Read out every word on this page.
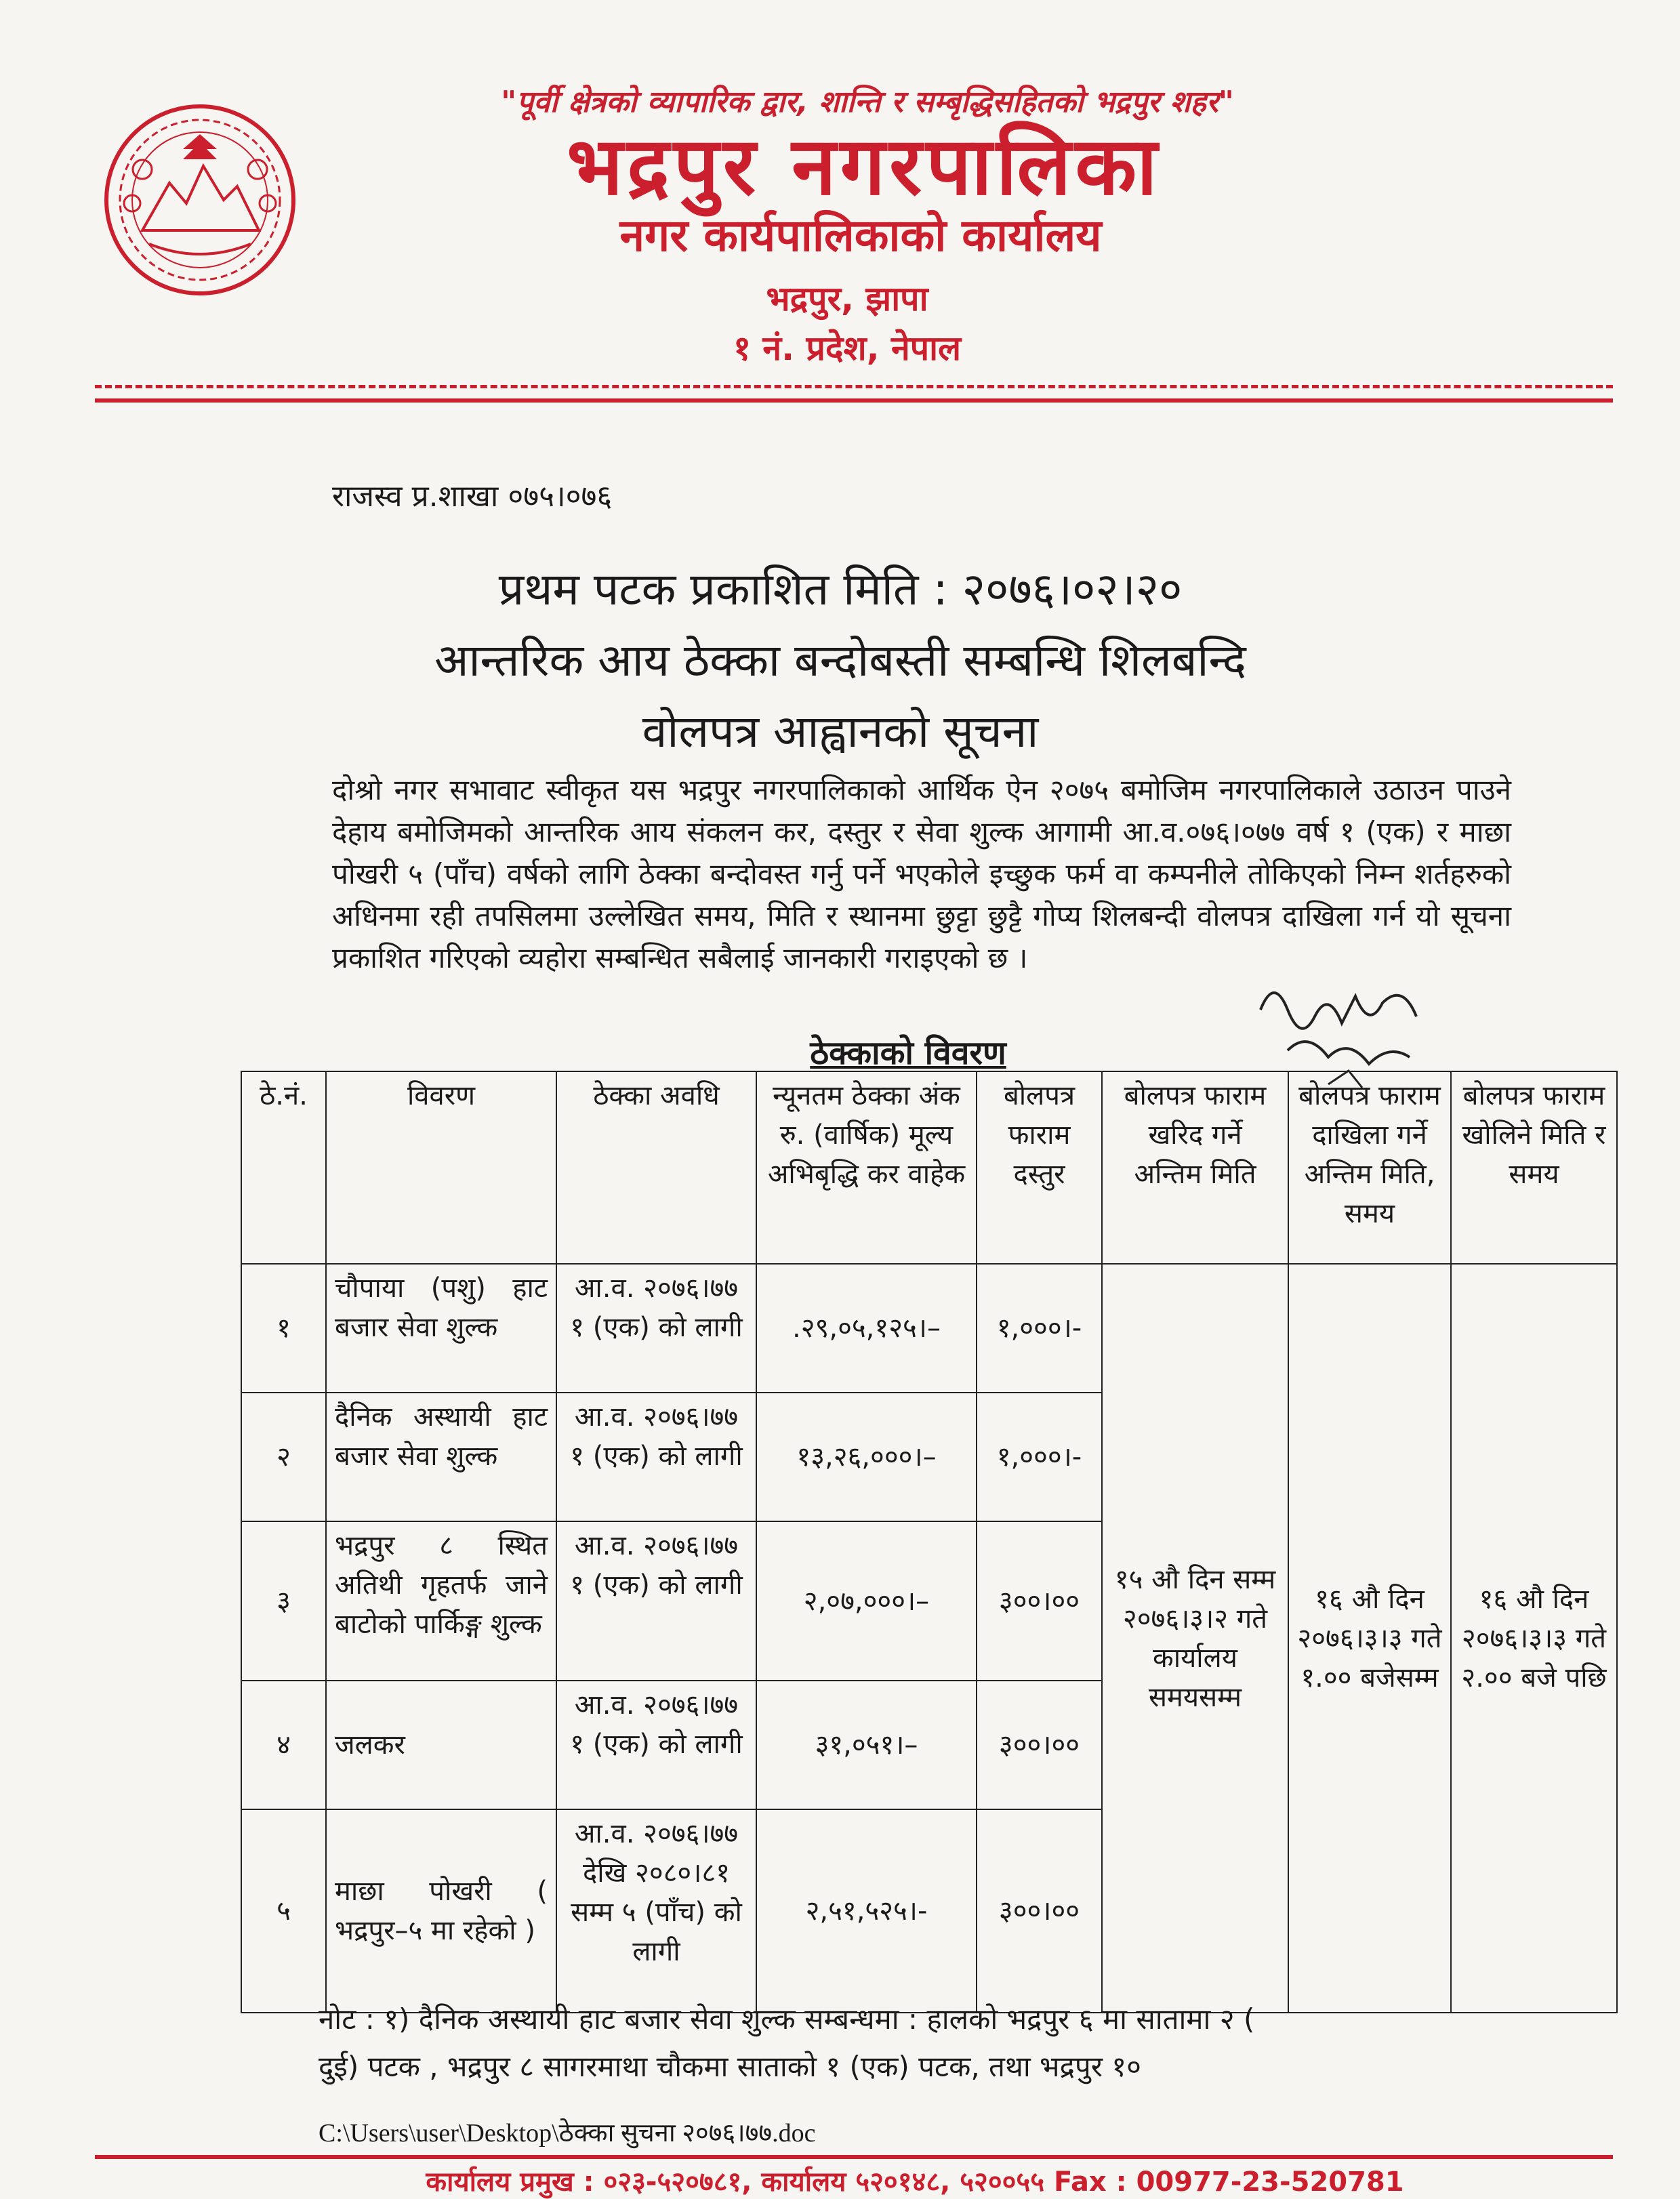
"पूर्वी क्षेत्रको व्यापारिक द्वार, शान्ति र सम्बृद्धिसहितको भद्रपुर शहर"
भद्रपुर नगरपालिका
नगर कार्यपालिकाको कार्यालय
भद्रपुर, झापा
१ नं. प्रदेश, नेपाल
राजस्व प्र.शाखा ०७५।०७६
प्रथम पटक प्रकाशित मिति : २०७६।०२।२०
आन्तरिक आय ठेक्का बन्दोबस्ती सम्बन्धि शिलबन्दि
वोलपत्र आह्वानको सूचना
दोश्रो नगर सभावाट स्वीकृत यस भद्रपुर नगरपालिकाको आर्थिक ऐन २०७५ बमोजिम नगरपालिकाले उठाउन पाउने देहाय बमोजिमको आन्तरिक आय संकलन कर, दस्तुर र सेवा शुल्क आगामी आ.व.०७६।०७७ वर्ष १ (एक) र माछा पोखरी ५ (पाँच) वर्षको लागि ठेक्का बन्दोवस्त गर्नु पर्ने भएकोले इच्छुक फर्म वा कम्पनीले तोकिएको निम्न शर्तहरुको अधिनमा रही तपसिलमा उल्लेखित समय, मिति र स्थानमा छुट्टा छुट्टै गोप्य शिलबन्दी वोलपत्र दाखिला गर्न यो सूचना प्रकाशित गरिएको व्यहोरा सम्बन्धित सबैलाई जानकारी गराइएको छ ।
ठेक्काको विवरण
ठे.नं.	विवरण	ठेक्का अवधि	न्यूनतम ठेक्का अंक रु. (वार्षिक) मूल्य अभिबृद्धि कर वाहेक	बोलपत्र फाराम दस्तुर	बोलपत्र फाराम खरिद गर्ने अन्तिम मिति	बोलपत्र फाराम दाखिला गर्ने अन्तिम मिति, समय	बोलपत्र फाराम खोलिने मिति र समय
१	चौपाया (पशु) हाट बजार सेवा शुल्क	आ.व. २०७६।७७ १ (एक) को लागी	.२९,०५,१२५।–	१,०००।-	१५ औ दिन सम्म २०७६।३।२ गते कार्यालय समयसम्म	१६ औ दिन २०७६।३।३ गते १.०० बजेसम्म	१६ औ दिन २०७६।३।३ गते २.०० बजे पछि
२	दैनिक अस्थायी हाट बजार सेवा शुल्क	आ.व. २०७६।७७ १ (एक) को लागी	१३,२६,०००।–	१,०००।-			
३	भद्रपुर ८ स्थित अतिथी गृहतर्फ जाने बाटोको पार्किङ्ग शुल्क	आ.व. २०७६।७७ १ (एक) को लागी	२,०७,०००।–	३००।००			
४	जलकर	आ.व. २०७६।७७ १ (एक) को लागी	३१,०५१।–	३००।००			
५	माछा पोखरी ( भद्रपुर–५ मा रहेको )	आ.व. २०७६।७७ देखि २०८०।८१ सम्म ५ (पाँच) को लागी	२,५१,५२५।-	३००।००			
नोट : १) दैनिक अस्थायी हाट बजार सेवा शुल्क सम्बन्धमा : हालको भद्रपुर ६ मा सातामा २ (
दुई) पटक , भद्रपुर ८ सागरमाथा चौकमा साताको १ (एक) पटक, तथा भद्रपुर १०
C:\Users\user\Desktop\ठेक्का सुचना २०७६।७७.doc
कार्यालय प्रमुख : ०२३-५२०७८१, कार्यालय ५२०१४८, ५२००५५ Fax : 00977-23-520781
